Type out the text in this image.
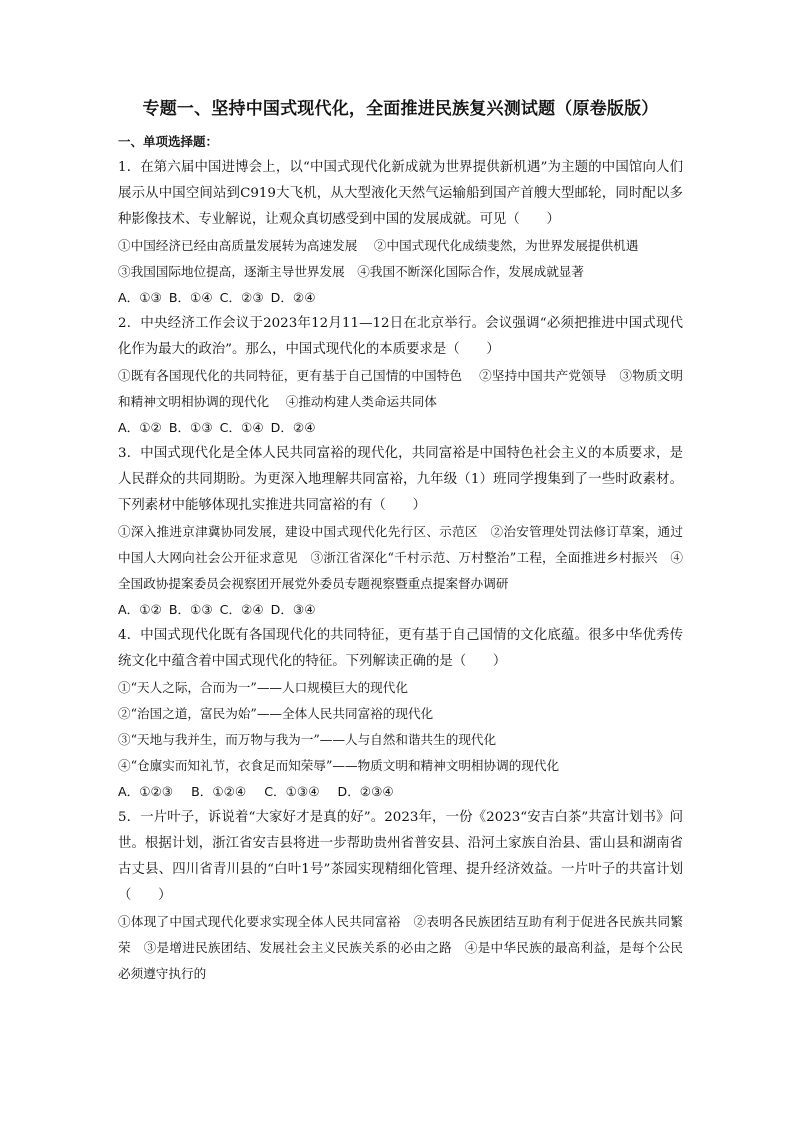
专题一、坚持中国式现代化，全面推进民族复兴测试题（原卷版版）
一、单项选择题：
1．在第六届中国进博会上，以“中国式现代化新成就为世界提供新机遇”为主题的中国馆向人们展示从中国空间站到C919大飞机，从大型液化天然气运输船到国产首艘大型邮轮，同时配以多种影像技术、专业解说，让观众真切感受到中国的发展成就。可见（　　）
①中国经济已经由高质量发展转为高速发展　 ②中国式现代化成绩斐然，为世界发展提供机遇
③我国国际地位提高，逐渐主导世界发展　④我国不断深化国际合作，发展成就显著
A．①③ B．①④ C．②③ D．②④
2．中央经济工作会议于2023年12月11—12日在北京举行。会议强调“必须把推进中国式现代化作为最大的政治”。那么，中国式现代化的本质要求是（　　）
①既有各国现代化的共同特征，更有基于自己国情的中国特色　 ②坚持中国共产党领导　③物质文明和精神文明相协调的现代化　 ④推动构建人类命运共同体
A．①② B．①③ C．①④ D．②④
3．中国式现代化是全体人民共同富裕的现代化，共同富裕是中国特色社会主义的本质要求，是人民群众的共同期盼。为更深入地理解共同富裕，九年级（1）班同学搜集到了一些时政素材。下列素材中能够体现扎实推进共同富裕的有（　　）
①深入推进京津冀协同发展，建设中国式现代化先行区、示范区　②治安管理处罚法修订草案，通过中国人大网向社会公开征求意见　③浙江省深化“千村示范、万村整治”工程，全面推进乡村振兴　④全国政协提案委员会视察团开展党外委员专题视察暨重点提案督办调研
A．①② B．①③ C．②④ D．③④
4．中国式现代化既有各国现代化的共同特征，更有基于自己国情的文化底蕴。很多中华优秀传统文化中蕴含着中国式现代化的特征。下列解读正确的是（　　）
①“天人之际，合而为一”——人口规模巨大的现代化
②“治国之道，富民为始”——全体人民共同富裕的现代化
③“天地与我并生，而万物与我为一”——人与自然和谐共生的现代化
④“仓廪实而知礼节，衣食足而知荣辱”——物质文明和精神文明相协调的现代化
A．①②③ B．①②④ C．①③④ D．②③④
5．一片叶子，诉说着“大家好才是真的好”。2023年，一份《2023“安吉白茶”共富计划书》问世。根据计划，浙江省安吉县将进一步帮助贵州省普安县、沿河土家族自治县、雷山县和湖南省古丈县、四川省青川县的“白叶1号”茶园实现精细化管理、提升经济效益。一片叶子的共富计划（　　）
①体现了中国式现代化要求实现全体人民共同富裕　②表明各民族团结互助有利于促进各民族共同繁荣　③是增进民族团结、发展社会主义民族关系的必由之路　④是中华民族的最高利益，是每个公民必须遵守执行的
